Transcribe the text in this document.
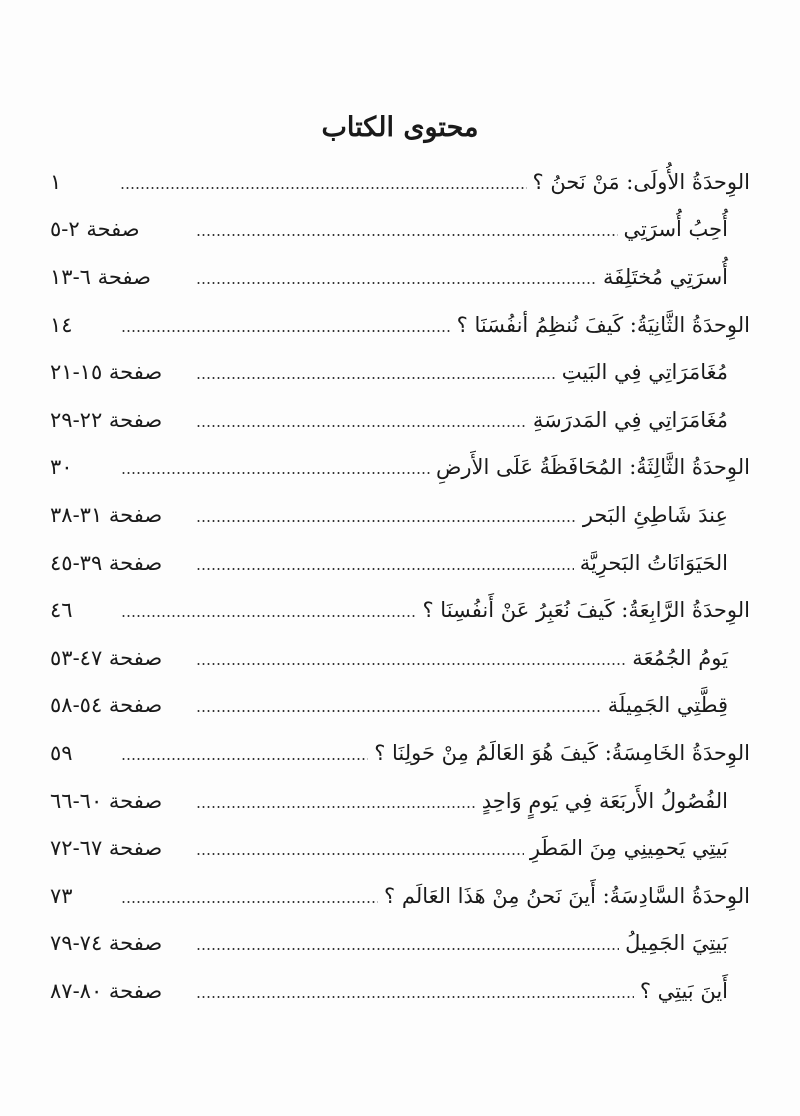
محتوى الكتاب
الوِحدَةُ الأُولَى: مَنْ نَحنُ ؟
١
أُحِبُ أُسرَتِي
صفحة ٢-٥
أُسرَتِي مُختَلِفَة
صفحة ٦-١٣
الوِحدَةُ الثَّانِيَةُ: كَيفَ نُنظِمُ أنفُسَنَا ؟
١٤
مُغَامَرَاتِي فِي البَيتِ
صفحة ١٥-٢١
مُغَامَرَاتِي فِي المَدرَسَةِ
صفحة ٢٢-٢٩
الوِحدَةُ الثَّالِثَةُ: المُحَافَظَةُ عَلَى الأَرضِ
٣٠
عِندَ شَاطِئِ البَحر
صفحة ٣١-٣٨
الحَيَوَانَاتُ البَحرِيَّة
صفحة ٣٩-٤٥
الوِحدَةُ الرَّابِعَةُ: كَيفَ نُعَبِرُ عَنْ أَنفُسِنَا ؟
٤٦
يَومُ الجُمُعَة
صفحة ٤٧-٥٣
قِطَّتِي الجَمِيلَة
صفحة ٥٤-٥٨
الوِحدَةُ الخَامِسَةُ: كَيفَ هُوَ العَالَمُ مِنْ حَولِنَا ؟
٥٩
الفُصُولُ الأَربَعَة فِي يَومٍ وَاحِدٍ
صفحة ٦٠-٦٦
بَيتِي يَحمِينِي مِنَ المَطَرِ
صفحة ٦٧-٧٢
الوِحدَةُ السَّادِسَةُ: أَينَ نَحنُ مِنْ هَذَا العَالَم ؟
٧٣
بَيتِيَ الجَمِيلُ
صفحة ٧٤-٧٩
أَينَ بَيتِي ؟
صفحة ٨٠-٨٧
